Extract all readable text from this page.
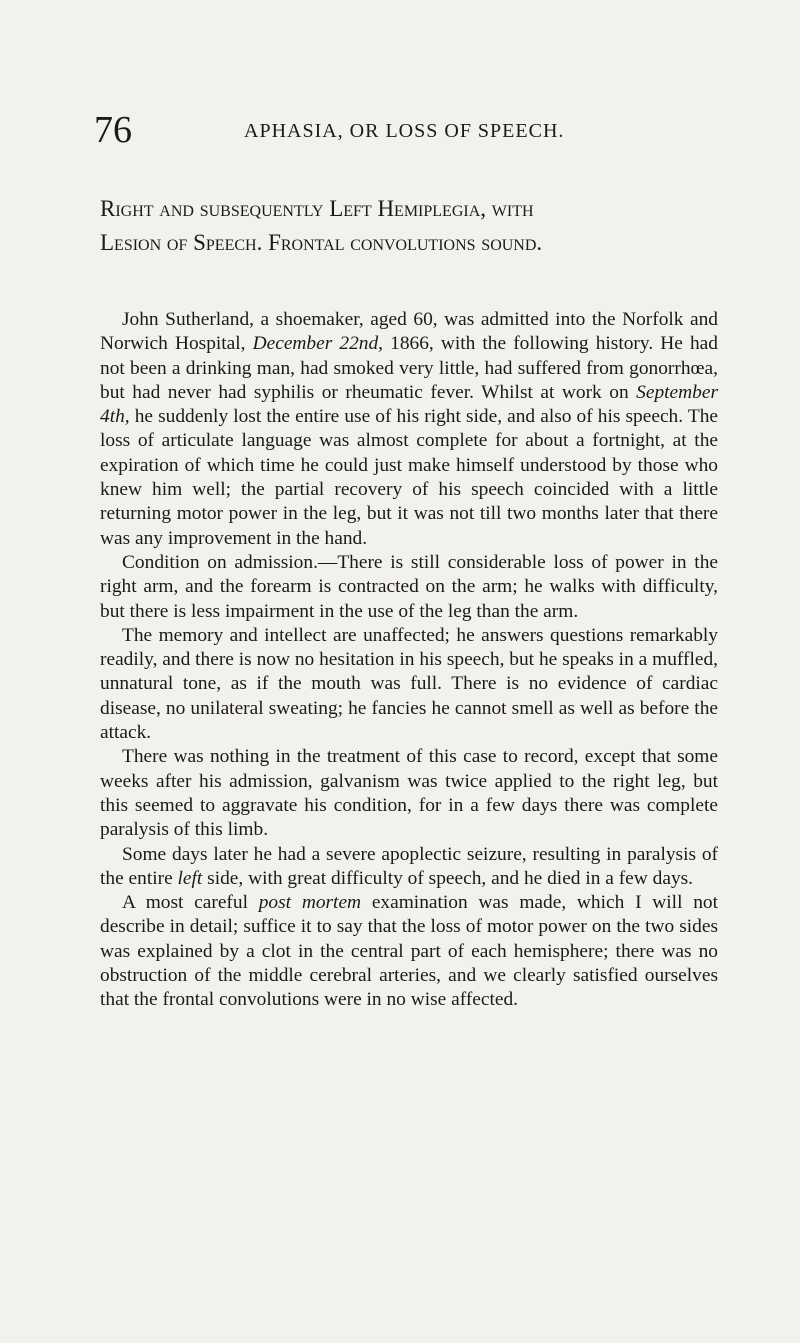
76	APHASIA, OR LOSS OF SPEECH.
Right and subsequently Left Hemiplegia, with
Lesion of Speech. Frontal convolutions sound.

John Sutherland, a shoemaker, aged 60, was admitted into the Norfolk and Norwich Hospital, December 22nd, 1866, with the following history. He had not been a drinking man, had smoked very little, had suffered from gonorrhœa, but had never had syphilis or rheumatic fever. Whilst at work on September 4th, he suddenly lost the entire use of his right side, and also of his speech. The loss of articulate language was almost complete for about a fortnight, at the expiration of which time he could just make himself understood by those who knew him well; the partial recovery of his speech coincided with a little returning motor power in the leg, but it was not till two months later that there was any improvement in the hand.

Condition on admission.—There is still considerable loss of power in the right arm, and the forearm is contracted on the arm; he walks with difficulty, but there is less impairment in the use of the leg than the arm.

The memory and intellect are unaffected; he answers questions remarkably readily, and there is now no hesitation in his speech, but he speaks in a muffled, unnatural tone, as if the mouth was full. There is no evidence of cardiac disease, no unilateral sweating; he fancies he cannot smell as well as before the attack.

There was nothing in the treatment of this case to record, except that some weeks after his admission, galvanism was twice applied to the right leg, but this seemed to aggravate his condition, for in a few days there was complete paralysis of this limb.

Some days later he had a severe apoplectic seizure, resulting in paralysis of the entire left side, with great difficulty of speech, and he died in a few days.

A most careful post mortem examination was made, which I will not describe in detail; suffice it to say that the loss of motor power on the two sides was explained by a clot in the central part of each hemisphere; there was no obstruction of the middle cerebral arteries, and we clearly satisfied ourselves that the frontal convolutions were in no wise affected.
